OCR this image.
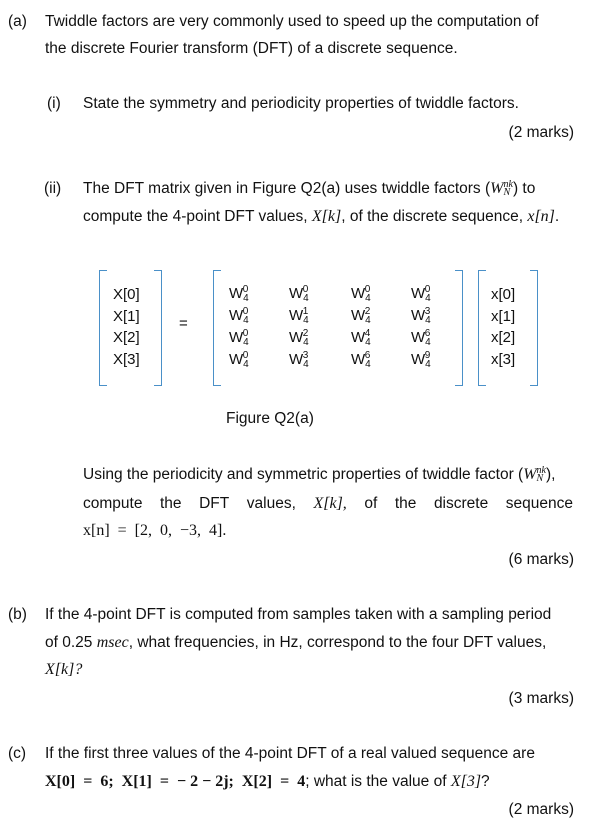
(a) Twiddle factors are very commonly used to speed up the computation of
the discrete Fourier transform (DFT) of a discrete sequence.
(i) State the symmetry and periodicity properties of twiddle factors.
(2 marks)
(ii) The DFT matrix given in Figure Q2(a) uses twiddle factors (W nk
N ) to
compute the 4-point DFT values, X[k], of the discrete sequence, x[n].
X[0]
X[1]
X[2]
X[3]
=
$W_4^0$	$W_4^0$	$W_4^0$	$W_4^0$
$W_4^0$	$W_4^1$	$W_4^2$	$W_4^3$
$W_4^0$	$W_4^2$	$W_4^4$	$W_4^6$
$W_4^0$	$W_4^3$	$W_4^6$	$W_4^9$
x[0]
x[1]
x[2]
x[3]
Figure Q2(a)
Using the periodicity and symmetric properties of twiddle factor (W nk
N ),
compute the DFT values, X[k], of the discrete sequence
x[n]  =  [2,  0,  −3,  4].
(6 marks)
(b) If the 4-point DFT is computed from samples taken with a sampling period
of 0.25 msec, what frequencies, in Hz, correspond to the four DFT values,
X[k]?
(3 marks)
(c) If the first three values of the 4-point DFT of a real valued sequence are
X[0]  =  6;  X[1]  =  − 2 − 2j;  X[2]  =  4; what is the value of X[3]?
(2 marks)
